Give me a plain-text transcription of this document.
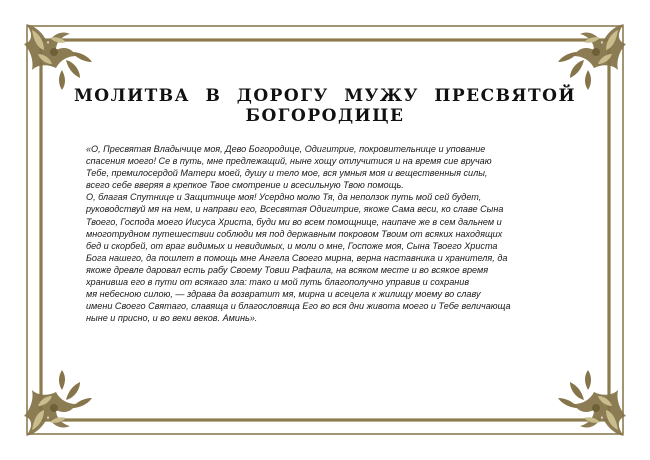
МОЛИТВА В ДОРОГУ МУЖУ ПРЕСВЯТОЙ БОГОРОДИЦЕ

«О, Пресвятая Владычице моя, Дево Богородице, Одигитрие, покровительнице и упование
спасения моего! Се в путь, мне предлежащий, ныне хощу отлучитися и на время сие вручаю
Тебе, премилосердой Матери моей, душу и тело мое, вся умныя моя и вещественныя силы,
всего себе вверяя в крепкое Твое смотрение и всесильную Твою помощь.

О, благая Спутнице и Защитнице моя! Усердно молю Тя, да неползок путь мой сей будет,
руководствуй мя на нем, и направи его, Всесвятая Одигитрие, якоже Сама веси, ко славе Сына
Твоего, Господа моего Иисуса Христа, буди ми во всем помощнице, наипаче же в сем дальнем и
многотрудном путешествии соблюди мя под державным покровом Твоим от всяких находящих
бед и скорбей, от враг видимых и невидимых, и моли о мне, Госпоже моя, Сына Твоего Христа
Бога нашего, да пошлет в помощь мне Ангела Своего мирна, верна наставника и хранителя, да
якоже древле даровал есть рабу Своему Товии Рафаила, на всяком месте и во всякое время
хранивша его в пути от всякаго зла: тако и мой путь благополучно управив и сохранив
мя небесною силою, — здрава да возвратит мя, мирна и всецела к жилищу моему во славу
имени Своего Святаго, славяща и благословяща Его во вся дни живота моего и Тебе величающа
ныне и присно, и во веки веков. Аминь».
